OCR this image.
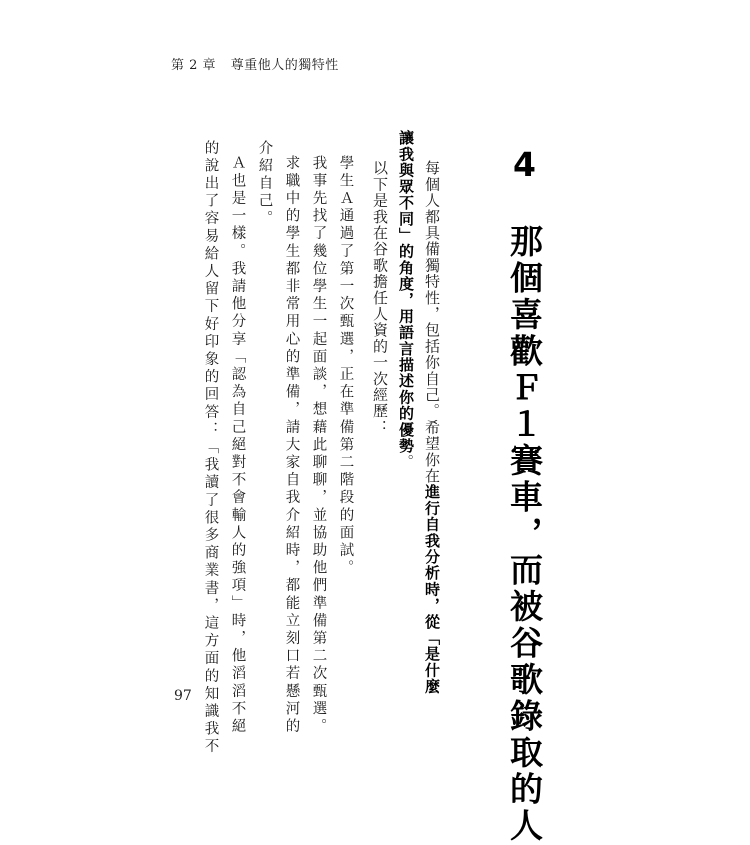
第 2 章 尊重他人的獨特性
4　那個喜歡Ｆ１賽車，而被谷歌錄取的人
每個人都具備獨特性，包括你自己。希望你在進行自我分析時，從「是什麼
讓我與眾不同」的角度，用語言描述你的優勢。
以下是我在谷歌擔任人資的一次經歷：
學生Ａ通過了第一次甄選，正在準備第二階段的面試。
我事先找了幾位學生一起面談，想藉此聊聊，並協助他們準備第二次甄選。
求職中的學生都非常用心的準備，請大家自我介紹時，都能立刻口若懸河的
介紹自己。
Ａ也是一樣。我請他分享「認為自己絕對不會輸人的強項」時，他滔滔不絕
的說出了容易給人留下好印象的回答：「我讀了很多商業書，這方面的知識我不
97
